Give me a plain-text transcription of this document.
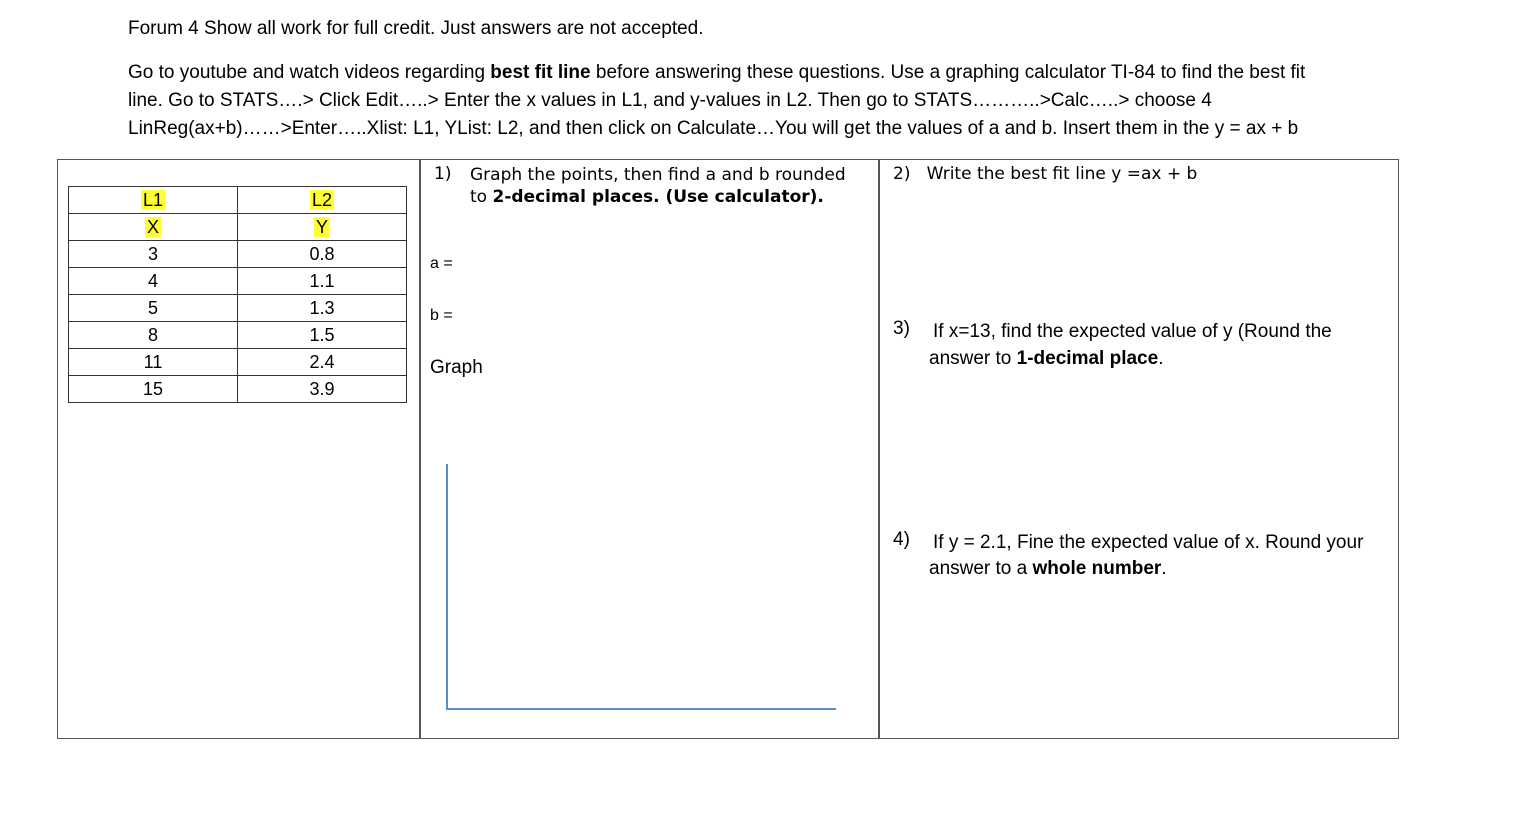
Forum 4 Show all work for full credit. Just answers are not accepted.
Go to youtube and watch videos regarding best fit line before answering these questions. Use a graphing calculator TI-84 to find the best fit
line. Go to STATS….> Click Edit…..> Enter the x values in L1, and y-values in L2. Then go to STATS………..>Calc…..> choose 4
LinReg(ax+b)……>Enter…..Xlist: L1, YList: L2, and then click on Calculate…You will get the values of a and b. Insert them in the y = ax + b
L1	L2
X	Y
3	0.8
4	1.1
5	1.3
8	1.5
11	2.4
15	3.9
1) Graph the points, then find a and b rounded
to 2-decimal places. (Use calculator).
a =
b =
Graph
2) Write the best fit line y =ax + b
3) If x=13, find the expected value of y (Round the
answer to 1-decimal place.
4) If y = 2.1, Fine the expected value of x. Round your
answer to a whole number.
